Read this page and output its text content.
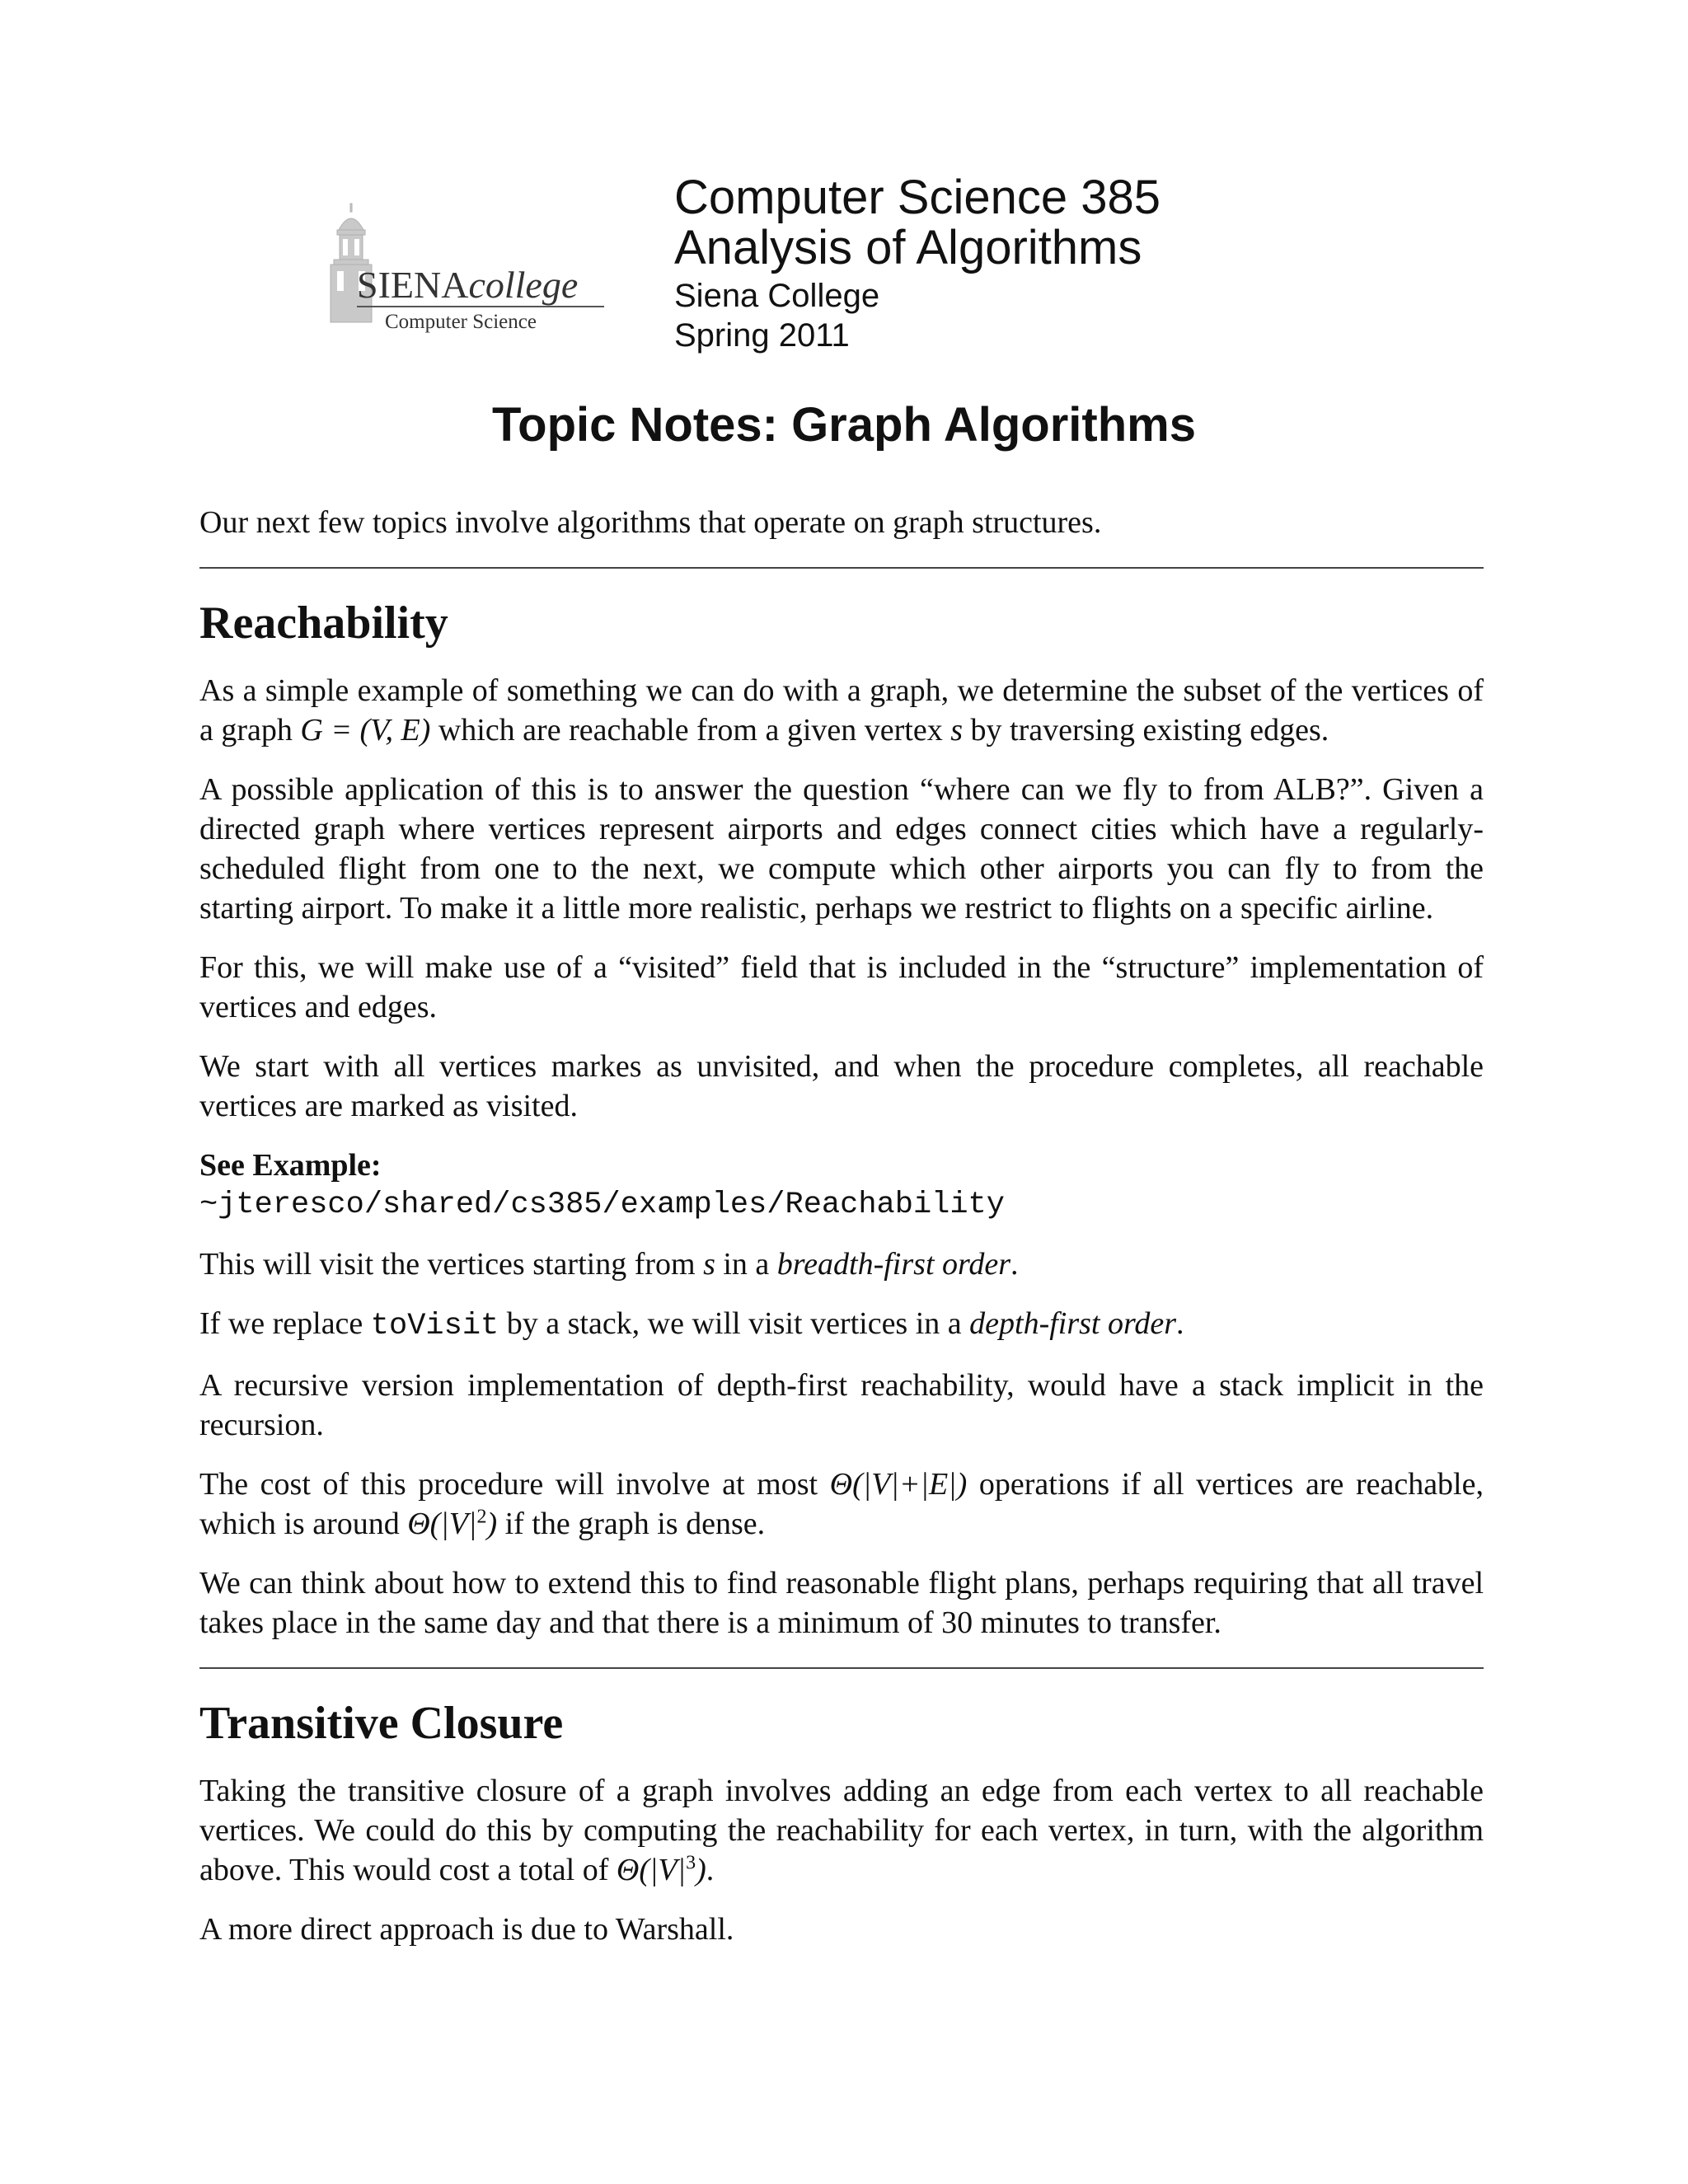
SIENAcollege
Computer Science
Computer Science 385
Analysis of Algorithms
Siena College
Spring 2011
Topic Notes: Graph Algorithms

Our next few topics involve algorithms that operate on graph structures.

Reachability

As a simple example of something we can do with a graph, we determine the subset of the vertices of a graph G = (V, E) which are reachable from a given vertex s by traversing existing edges.

A possible application of this is to answer the question “where can we fly to from ALB?”. Given a directed graph where vertices represent airports and edges connect cities which have a regularly-scheduled flight from one to the next, we compute which other airports you can fly to from the starting airport. To make it a little more realistic, perhaps we restrict to flights on a specific airline.

For this, we will make use of a “visited” field that is included in the “structure” implementation of vertices and edges.

We start with all vertices markes as unvisited, and when the procedure completes, all reachable vertices are marked as visited.

See Example:
~jteresco/shared/cs385/examples/Reachability

This will visit the vertices starting from s in a breadth-first order.

If we replace toVisit by a stack, we will visit vertices in a depth-first order.

A recursive version implementation of depth-first reachability, would have a stack implicit in the recursion.

The cost of this procedure will involve at most Θ(|V|+|E|) operations if all vertices are reachable, which is around $\Theta(|V|^2)$ if the graph is dense.

We can think about how to extend this to find reasonable flight plans, perhaps requiring that all travel takes place in the same day and that there is a minimum of 30 minutes to transfer.

Transitive Closure

Taking the transitive closure of a graph involves adding an edge from each vertex to all reachable vertices. We could do this by computing the reachability for each vertex, in turn, with the algorithm above. This would cost a total of $\Theta(|V|^3)$.

A more direct approach is due to Warshall.
